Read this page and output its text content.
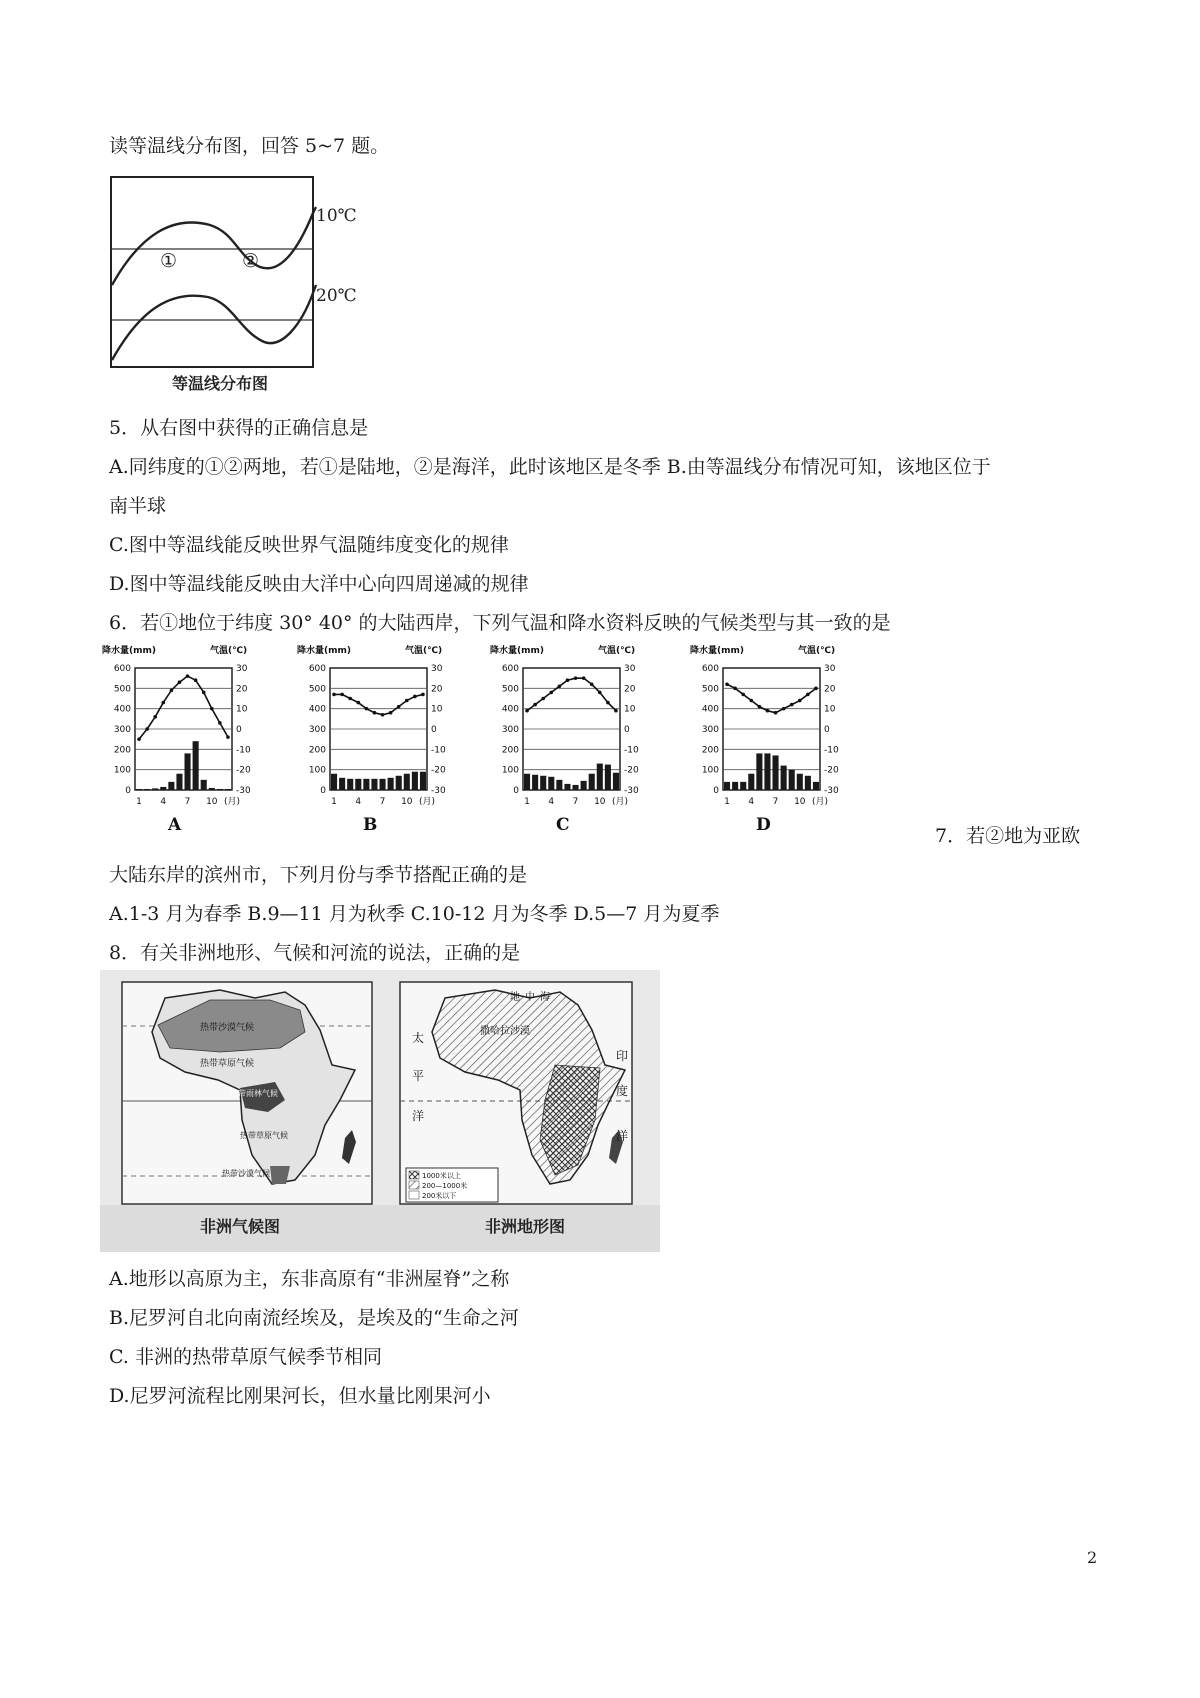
读等温线分布图，回答 5~7 题。
10℃
20℃
①	②
等温线分布图
5．从右图中获得的正确信息是
A.同纬度的①②两地，若①是陆地，②是海洋，此时该地区是冬季 B.由等温线分布情况可知，该地区位于
南半球
C.图中等温线能反映世界气温随纬度变化的规律
D.图中等温线能反映由大洋中心向四周递减的规律
6．若①地位于纬度 30° 40° 的大陆西岸，下列气温和降水资料反映的气候类型与其一致的是
降水量(mm)	气温(℃)
600
500
400
300
200
100
0
30
20
10
0
-10
-20
-30
1 4 7 10 (月)
A
降水量(mm)	气温(℃)
600
500
400
300
200
100
0
30
20
10
0
-10
-20
-30
1 4 7 10 (月)
B
降水量(mm)	气温(℃)
600
500
400
300
200
100
0
30
20
10
0
-10
-20
-30
1 4 7 10 (月)
C
降水量(mm)	气温(℃)
600
500
400
300
200
100
0
30
20
10
0
-10
-20
-30
1 4 7 10 (月)
D	7．若②地为亚欧
大陆东岸的滨州市，下列月份与季节搭配正确的是
A.1-3 月为春季 B.9—11 月为秋季 C.10-12 月为冬季 D.5—7 月为夏季
8．有关非洲地形、气候和河流的说法，正确的是
热带沙漠气候
热带草原气候
热带雨林气候
热带草原气候
热带沙漠气候
地 中 海
撒哈拉沙漠
太
平
洋
印
度
洋
1000米以上
200—1000米
200米以下
非洲气候图	非洲地形图
A.地形以高原为主，东非高原有“非洲屋脊”之称
B.尼罗河自北向南流经埃及，是埃及的“生命之河
C. 非洲的热带草原气候季节相同
D.尼罗河流程比刚果河长，但水量比刚果河小
2
